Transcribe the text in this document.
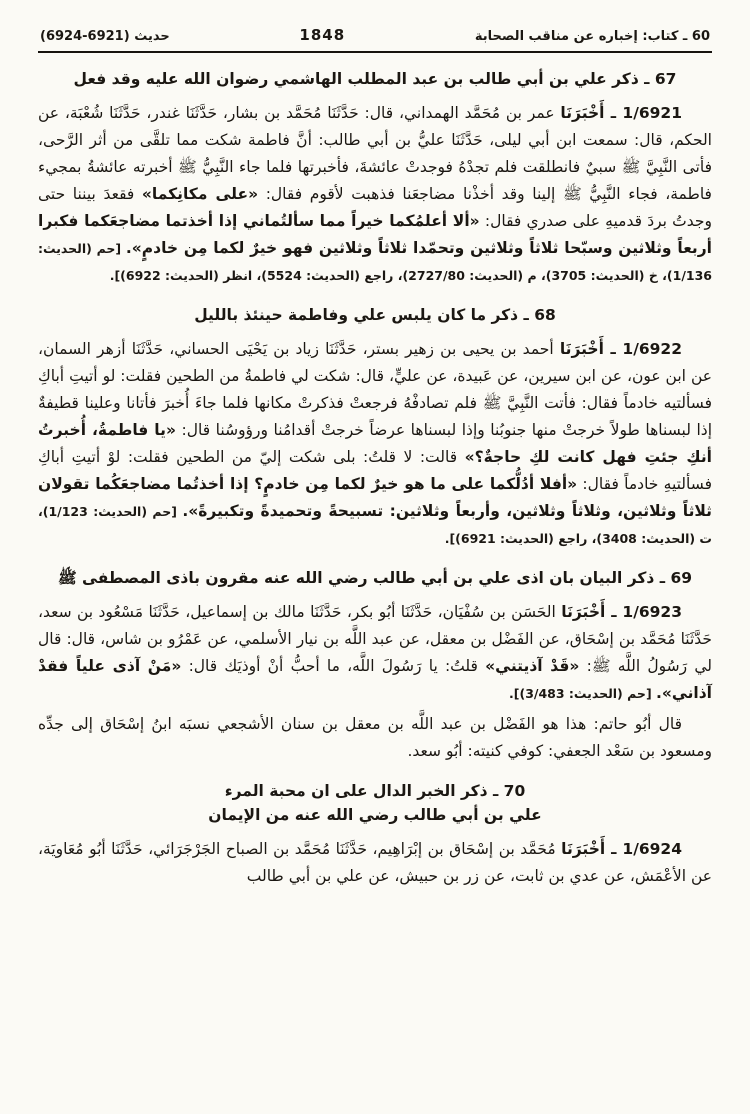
60 ـ كتاب: إخباره عن مناقب الصحابة
1848
حديث (6921-6924)
67 ـ ذكر علي بن أبي طالب بن عبد المطلب الهاشمي رضوان الله عليه وقد فعل

1/6921 ـ أَخْبَرَنَا عمر بن مُحَمَّد الهمداني، قال: حَدَّثَنَا مُحَمَّد بن بشار، حَدَّثَنَا غندر، حَدَّثَنَا شُعْبَة، عن الحكم، قال: سمعت ابن أبي ليلى، حَدَّثَنَا عليُّ بن أبي طالب: أنَّ فاطمة شكت مما تلقَّى من أثر الرَّحى، فأتى النَّبِيَّ ﷺ سبيٌ فانطلقت فلم تجدْهُ فوجدتْ عائشةَ، فأخبرتها فلما جاء النَّبِيُّ ﷺ أخبرته عائشةُ بمجيء فاطمة، فجاء النَّبِيُّ ﷺ إلينا وقد أخذْنا مضاجعَنا فذهبت لأقوم فقال: «على مكانِكما» فقعدَ بيننا حتى وجدتُ بردَ قدميهِ على صدري فقال: «ألا أعلمُكما خيراً مما سألتُماني إذا أخذتما مضاجعَكما فكبرا أربعاً وثلاثين وسبّحا ثلاثاً وثلاثين وتحمّدا ثلاثاً وثلاثين فهو خيرٌ لكما مِن خادمٍ». [حم (الحديث: 1/136)، خ (الحديث: 3705)، م (الحديث: 2727/80)، راجع (الحديث: 5524)، انظر (الحديث: 6922)].

68 ـ ذكر ما كان يلبس علي وفاطمة حينئذ بالليل

1/6922 ـ أَخْبَرَنَا أحمد بن يحيى بن زهير بستر، حَدَّثَنَا زياد بن يَحْيَى الحساني، حَدَّثَنَا أزهر السمان، عن ابن عون، عن ابن سيرين، عن عَبيدة، عن عليٍّ، قال: شكت لي فاطمةُ من الطحين فقلت: لو أتيتِ أباكِ فسألتيه خادماً فقال: فأتت النَّبِيَّ ﷺ فلم تصادفْهُ فرجعتْ فذكرتْ مكانها فلما جاءَ أُخبرَ فأتانا وعلينا قطيفةٌ إذا لبسناها طولاً خرجتْ منها جنوبُنا وإذا لبسناها عرضاً خرجتْ أقدامُنا ورؤوسُنا قال: «يا فاطمةُ، أُخبرتُ أنكِ جئتِ فهل كانت لكِ حاجةٌ؟» قالت: لا قلتُ: بلى شكت إليّ من الطحين فقلت: لوْ أتيتِ أباكِ فسألتيهِ خادماً فقال: «أفلا أدُلُّكما على ما هو خيرٌ لكما مِن خادمٍ؟ إذا أخذتُما مضاجعَكُما تقولان ثلاثاً وثلاثين، وثلاثاً وثلاثين، وأربعاً وثلاثين: تسبيحةً وتحميدةً وتكبيرةً». [حم (الحديث: 1/123)، ت (الحديث: 3408)، راجع (الحديث: 6921)].

69 ـ ذكر البيان بان اذى علي بن أبي طالب رضي الله عنه مقرون باذى المصطفى ﷺ

1/6923 ـ أَخْبَرَنَا الحَسَن بن سُفْيَان، حَدَّثَنَا أبُو بكر، حَدَّثَنَا مالك بن إسماعيل، حَدَّثَنَا مَسْعُود بن سعد، حَدَّثَنَا مُحَمَّد بن إسْحَاق، عن الفَضْل بن معقل، عن عبد اللَّه بن نيار الأسلمي، عن عَمْرُو بن شاس، قال: قال لي رَسُولُ اللَّه ﷺ: «قَدْ آذيتني» قلتُ: يا رَسُولَ اللَّه، ما أحبُّ أنْ أوذيَك قال: «مَنْ آذى علياً فقدْ آذاني». [حم (الحديث: 3/483)].

قال أبُو حاتم: هذا هو الفَضْل بن عبد اللَّه بن معقل بن سنان الأشجعي نسبَه ابنُ إسْحَاق إلى جدِّه ومسعود بن سَعْد الجعفي: كوفي كنيته: أبُو سعد.

70 ـ ذكر الخبر الدال على ان محبة المرء
علي بن أبي طالب رضي الله عنه من الإيمان

1/6924 ـ أَخْبَرَنَا مُحَمَّد بن إسْحَاق بن إبْرَاهِيم، حَدَّثَنَا مُحَمَّد بن الصباح الجَرْجَرَائي، حَدَّثَنَا أبُو مُعَاويَة، عن الأعْمَش، عن عدي بن ثابت، عن زر بن حبيش، عن علي بن أبي طالب
